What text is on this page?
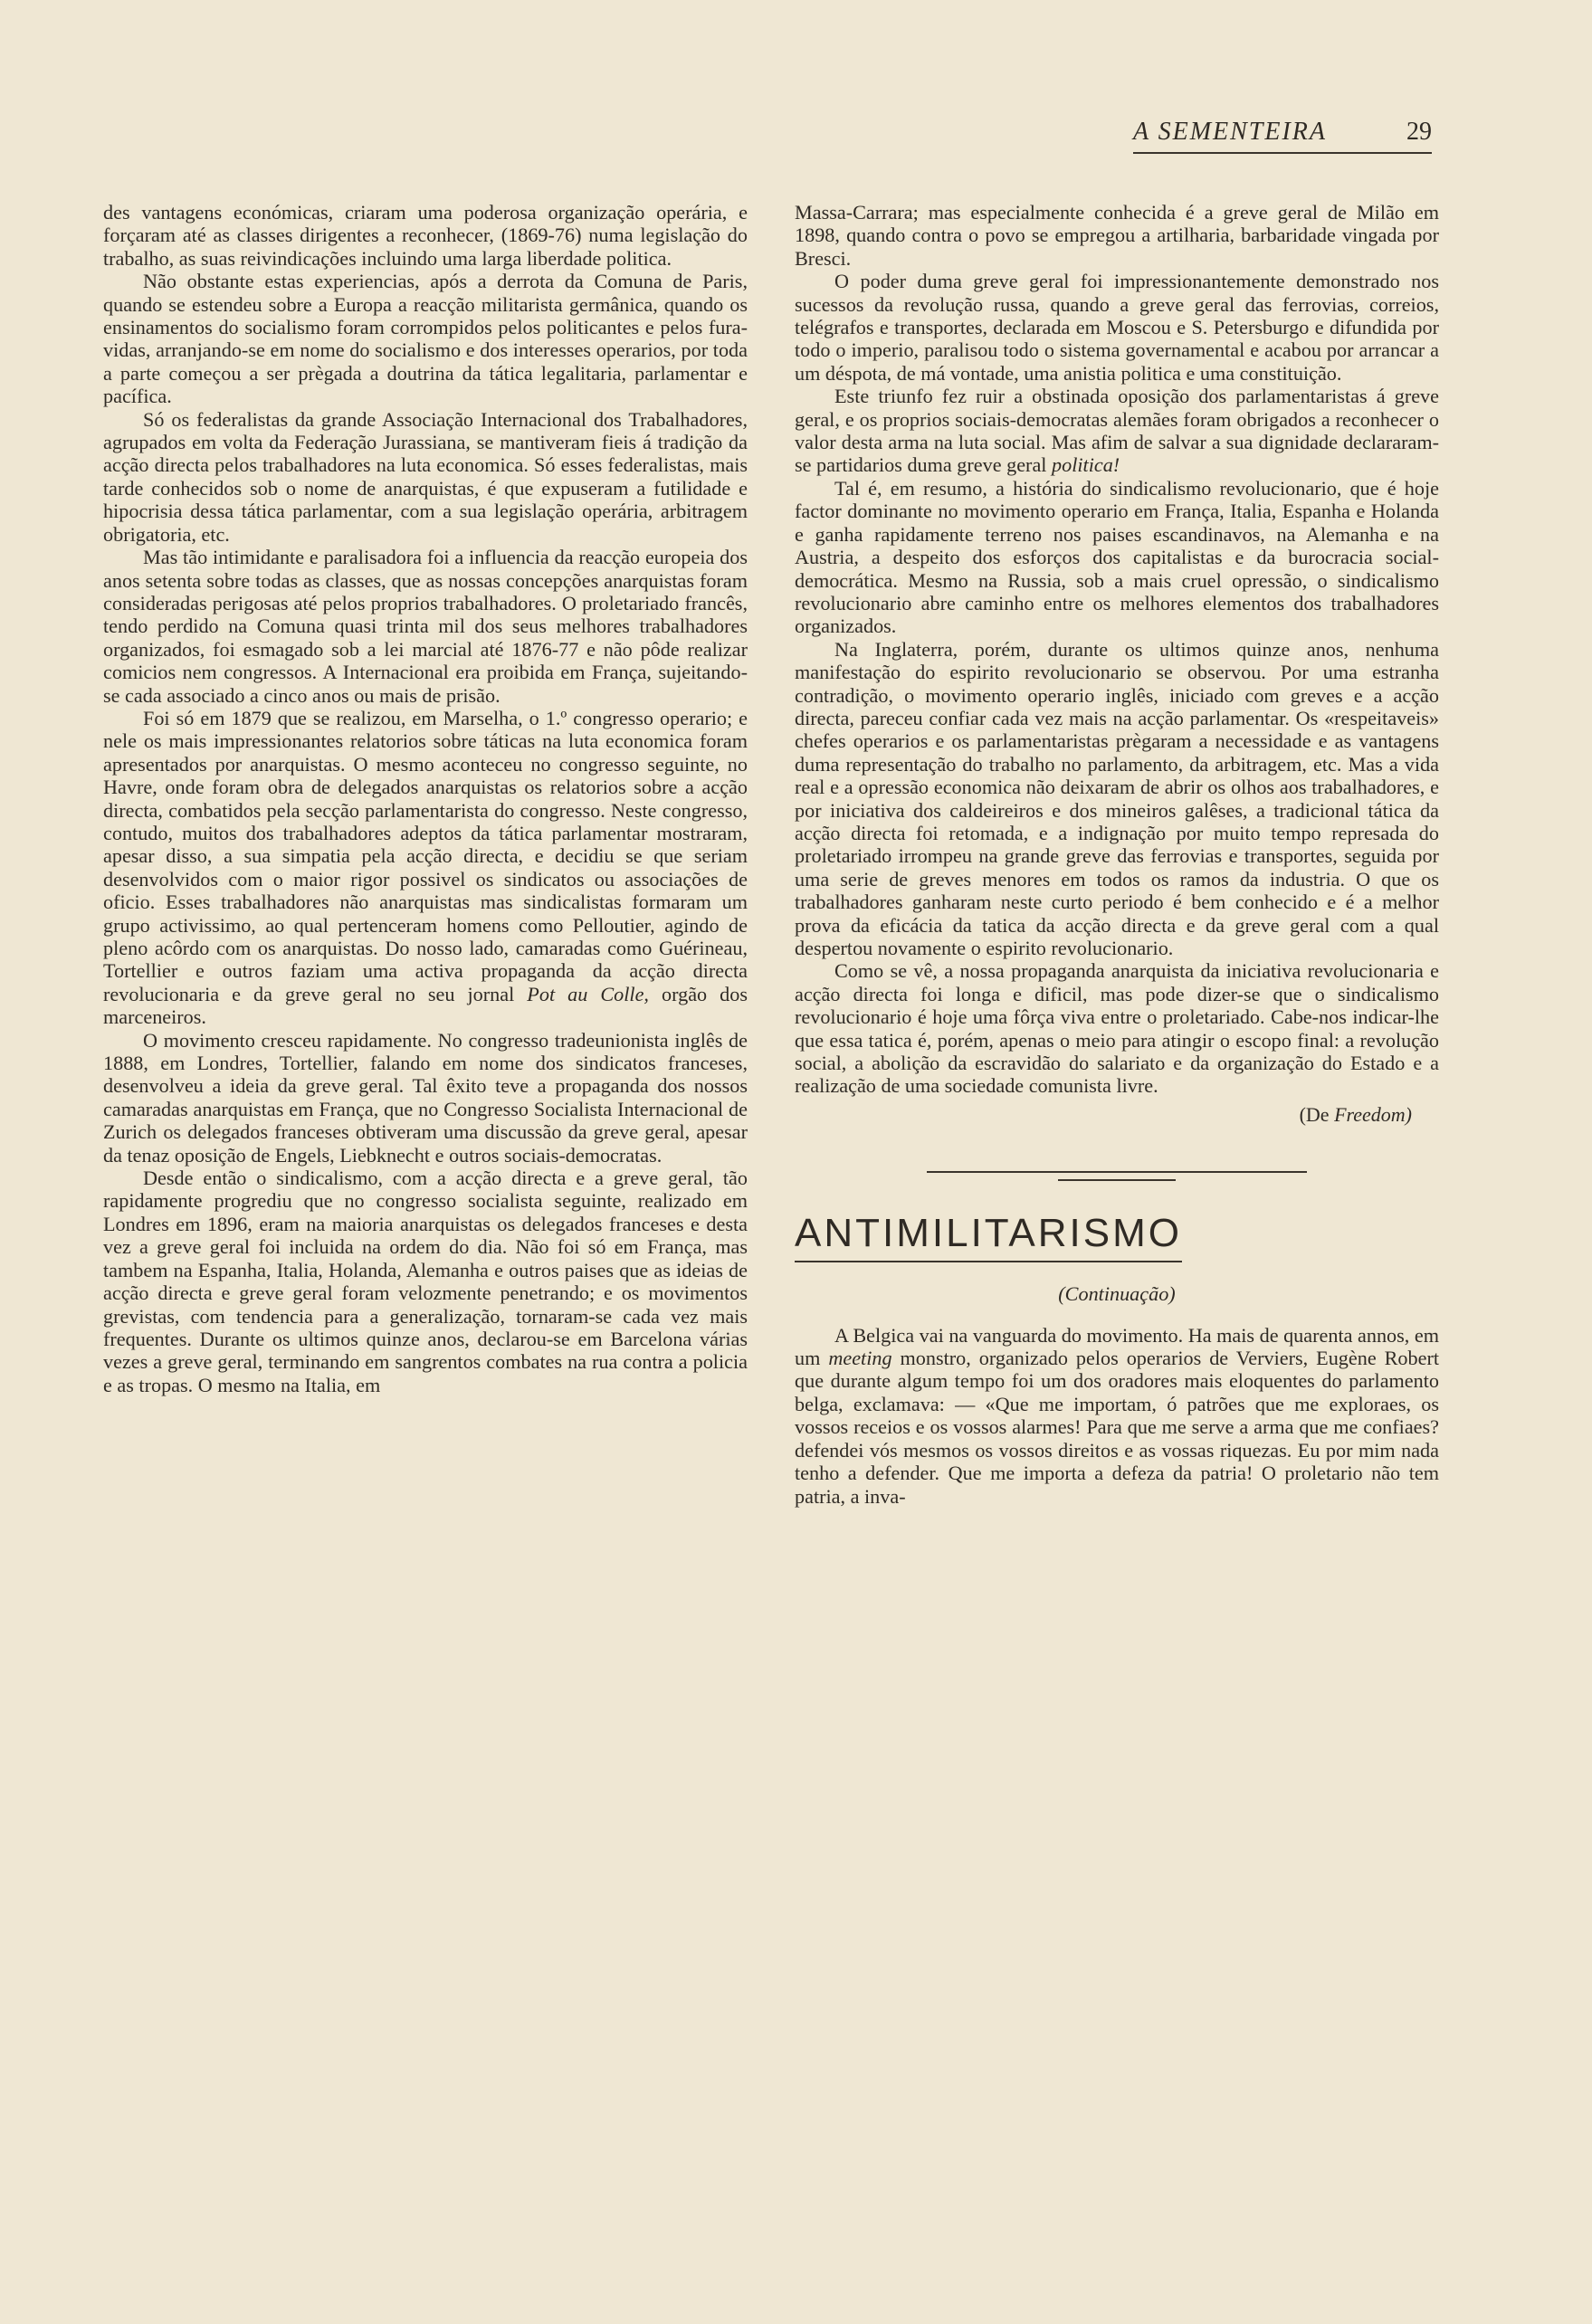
A SEMENTEIRA	29

des vantagens económicas, criaram uma poderosa organização operária, e forçaram até as classes dirigentes a reconhecer, (1869-76) numa legislação do trabalho, as suas reivindicações incluindo uma larga liberdade politica.

Não obstante estas experiencias, após a derrota da Comuna de Paris, quando se estendeu sobre a Europa a reacção militarista germânica, quando os ensinamentos do socialismo foram corrompidos pelos politicantes e pelos fura-vidas, arranjando-se em nome do socialismo e dos interesses operarios, por toda a parte começou a ser prègada a doutrina da tática legalitaria, parlamentar e pacífica.

Só os federalistas da grande Associação Internacional dos Trabalhadores, agrupados em volta da Federação Jurassiana, se mantiveram fieis á tradição da acção directa pelos trabalhadores na luta economica. Só esses federalistas, mais tarde conhecidos sob o nome de anarquistas, é que expuseram a futilidade e hipocrisia dessa tática parlamentar, com a sua legislação operária, arbitragem obrigatoria, etc.

Mas tão intimidante e paralisadora foi a influencia da reacção europeia dos anos setenta sobre todas as classes, que as nossas concepções anarquistas foram consideradas perigosas até pelos proprios trabalhadores. O proletariado francês, tendo perdido na Comuna quasi trinta mil dos seus melhores trabalhadores organizados, foi esmagado sob a lei marcial até 1876-77 e não pôde realizar comicios nem congressos. A Internacional era proibida em França, sujeitando-se cada associado a cinco anos ou mais de prisão.

Foi só em 1879 que se realizou, em Marselha, o 1.º congresso operario; e nele os mais impressionantes relatorios sobre táticas na luta economica foram apresentados por anarquistas. O mesmo aconteceu no congresso seguinte, no Havre, onde foram obra de delegados anarquistas os relatorios sobre a acção directa, combatidos pela secção parlamentarista do congresso. Neste congresso, contudo, muitos dos trabalhadores adeptos da tática parlamentar mostraram, apesar disso, a sua simpatia pela acção directa, e decidiu se que seriam desenvolvidos com o maior rigor possivel os sindicatos ou associações de oficio. Esses trabalhadores não anarquistas mas sindicalistas formaram um grupo activissimo, ao qual pertenceram homens como Pelloutier, agindo de pleno acôrdo com os anarquistas. Do nosso lado, camaradas como Guérineau, Tortellier e outros faziam uma activa propaganda da acção directa revolucionaria e da greve geral no seu jornal Pot au Colle, orgão dos marceneiros.

O movimento cresceu rapidamente. No congresso tradeunionista inglês de 1888, em Londres, Tortellier, falando em nome dos sindicatos franceses, desenvolveu a ideia da greve geral. Tal êxito teve a propaganda dos nossos camaradas anarquistas em França, que no Congresso Socialista Internacional de Zurich os delegados franceses obtiveram uma discussão da greve geral, apesar da tenaz oposição de Engels, Liebknecht e outros sociais-democratas.

Desde então o sindicalismo, com a acção directa e a greve geral, tão rapidamente progrediu que no congresso socialista seguinte, realizado em Londres em 1896, eram na maioria anarquistas os delegados franceses e desta vez a greve geral foi incluida na ordem do dia. Não foi só em França, mas tambem na Espanha, Italia, Holanda, Alemanha e outros paises que as ideias de acção directa e greve geral foram velozmente penetrando; e os movimentos grevistas, com tendencia para a generalização, tornaram-se cada vez mais frequentes. Durante os ultimos quinze anos, declarou-se em Barcelona várias vezes a greve geral, terminando em sangrentos combates na rua contra a policia e as tropas. O mesmo na Italia, em

Massa-Carrara; mas especialmente conhecida é a greve geral de Milão em 1898, quando contra o povo se empregou a artilharia, barbaridade vingada por Bresci.

O poder duma greve geral foi impressionantemente demonstrado nos sucessos da revolução russa, quando a greve geral das ferrovias, correios, telégrafos e transportes, declarada em Moscou e S. Petersburgo e difundida por todo o imperio, paralisou todo o sistema governamental e acabou por arrancar a um déspota, de má vontade, uma anistia politica e uma constituição.

Este triunfo fez ruir a obstinada oposição dos parlamentaristas á greve geral, e os proprios sociais-democratas alemães foram obrigados a reconhecer o valor desta arma na luta social. Mas afim de salvar a sua dignidade declararam-se partidarios duma greve geral politica!

Tal é, em resumo, a história do sindicalismo revolucionario, que é hoje factor dominante no movimento operario em França, Italia, Espanha e Holanda e ganha rapidamente terreno nos paises escandinavos, na Alemanha e na Austria, a despeito dos esforços dos capitalistas e da burocracia social-democrática. Mesmo na Russia, sob a mais cruel opressão, o sindicalismo revolucionario abre caminho entre os melhores elementos dos trabalhadores organizados.

Na Inglaterra, porém, durante os ultimos quinze anos, nenhuma manifestação do espirito revolucionario se observou. Por uma estranha contradição, o movimento operario inglês, iniciado com greves e a acção directa, pareceu confiar cada vez mais na acção parlamentar. Os «respeitaveis» chefes operarios e os parlamentaristas prègaram a necessidade e as vantagens duma representação do trabalho no parlamento, da arbitragem, etc. Mas a vida real e a opressão economica não deixaram de abrir os olhos aos trabalhadores, e por iniciativa dos caldeireiros e dos mineiros galêses, a tradicional tática da acção directa foi retomada, e a indignação por muito tempo represada do proletariado irrompeu na grande greve das ferrovias e transportes, seguida por uma serie de greves menores em todos os ramos da industria. O que os trabalhadores ganharam neste curto periodo é bem conhecido e é a melhor prova da eficácia da tatica da acção directa e da greve geral com a qual despertou novamente o espirito revolucionario.

Como se vê, a nossa propaganda anarquista da iniciativa revolucionaria e acção directa foi longa e dificil, mas pode dizer-se que o sindicalismo revolucionario é hoje uma fôrça viva entre o proletariado. Cabe-nos indicar-lhe que essa tatica é, porém, apenas o meio para atingir o escopo final: a revolução social, a abolição da escravidão do salariato e da organização do Estado e a realização de uma sociedade comunista livre.

(De Freedom)
ANTIMILITARISMO
(Continuação)

A Belgica vai na vanguarda do movimento. Ha mais de quarenta annos, em um meeting monstro, organizado pelos operarios de Verviers, Eugène Robert que durante algum tempo foi um dos oradores mais eloquentes do parlamento belga, exclamava: — «Que me importam, ó patrões que me exploraes, os vossos receios e os vossos alarmes! Para que me serve a arma que me confiaes? defendei vós mesmos os vossos direitos e as vossas riquezas. Eu por mim nada tenho a defender. Que me importa a defeza da patria! O proletario não tem patria, a inva-
